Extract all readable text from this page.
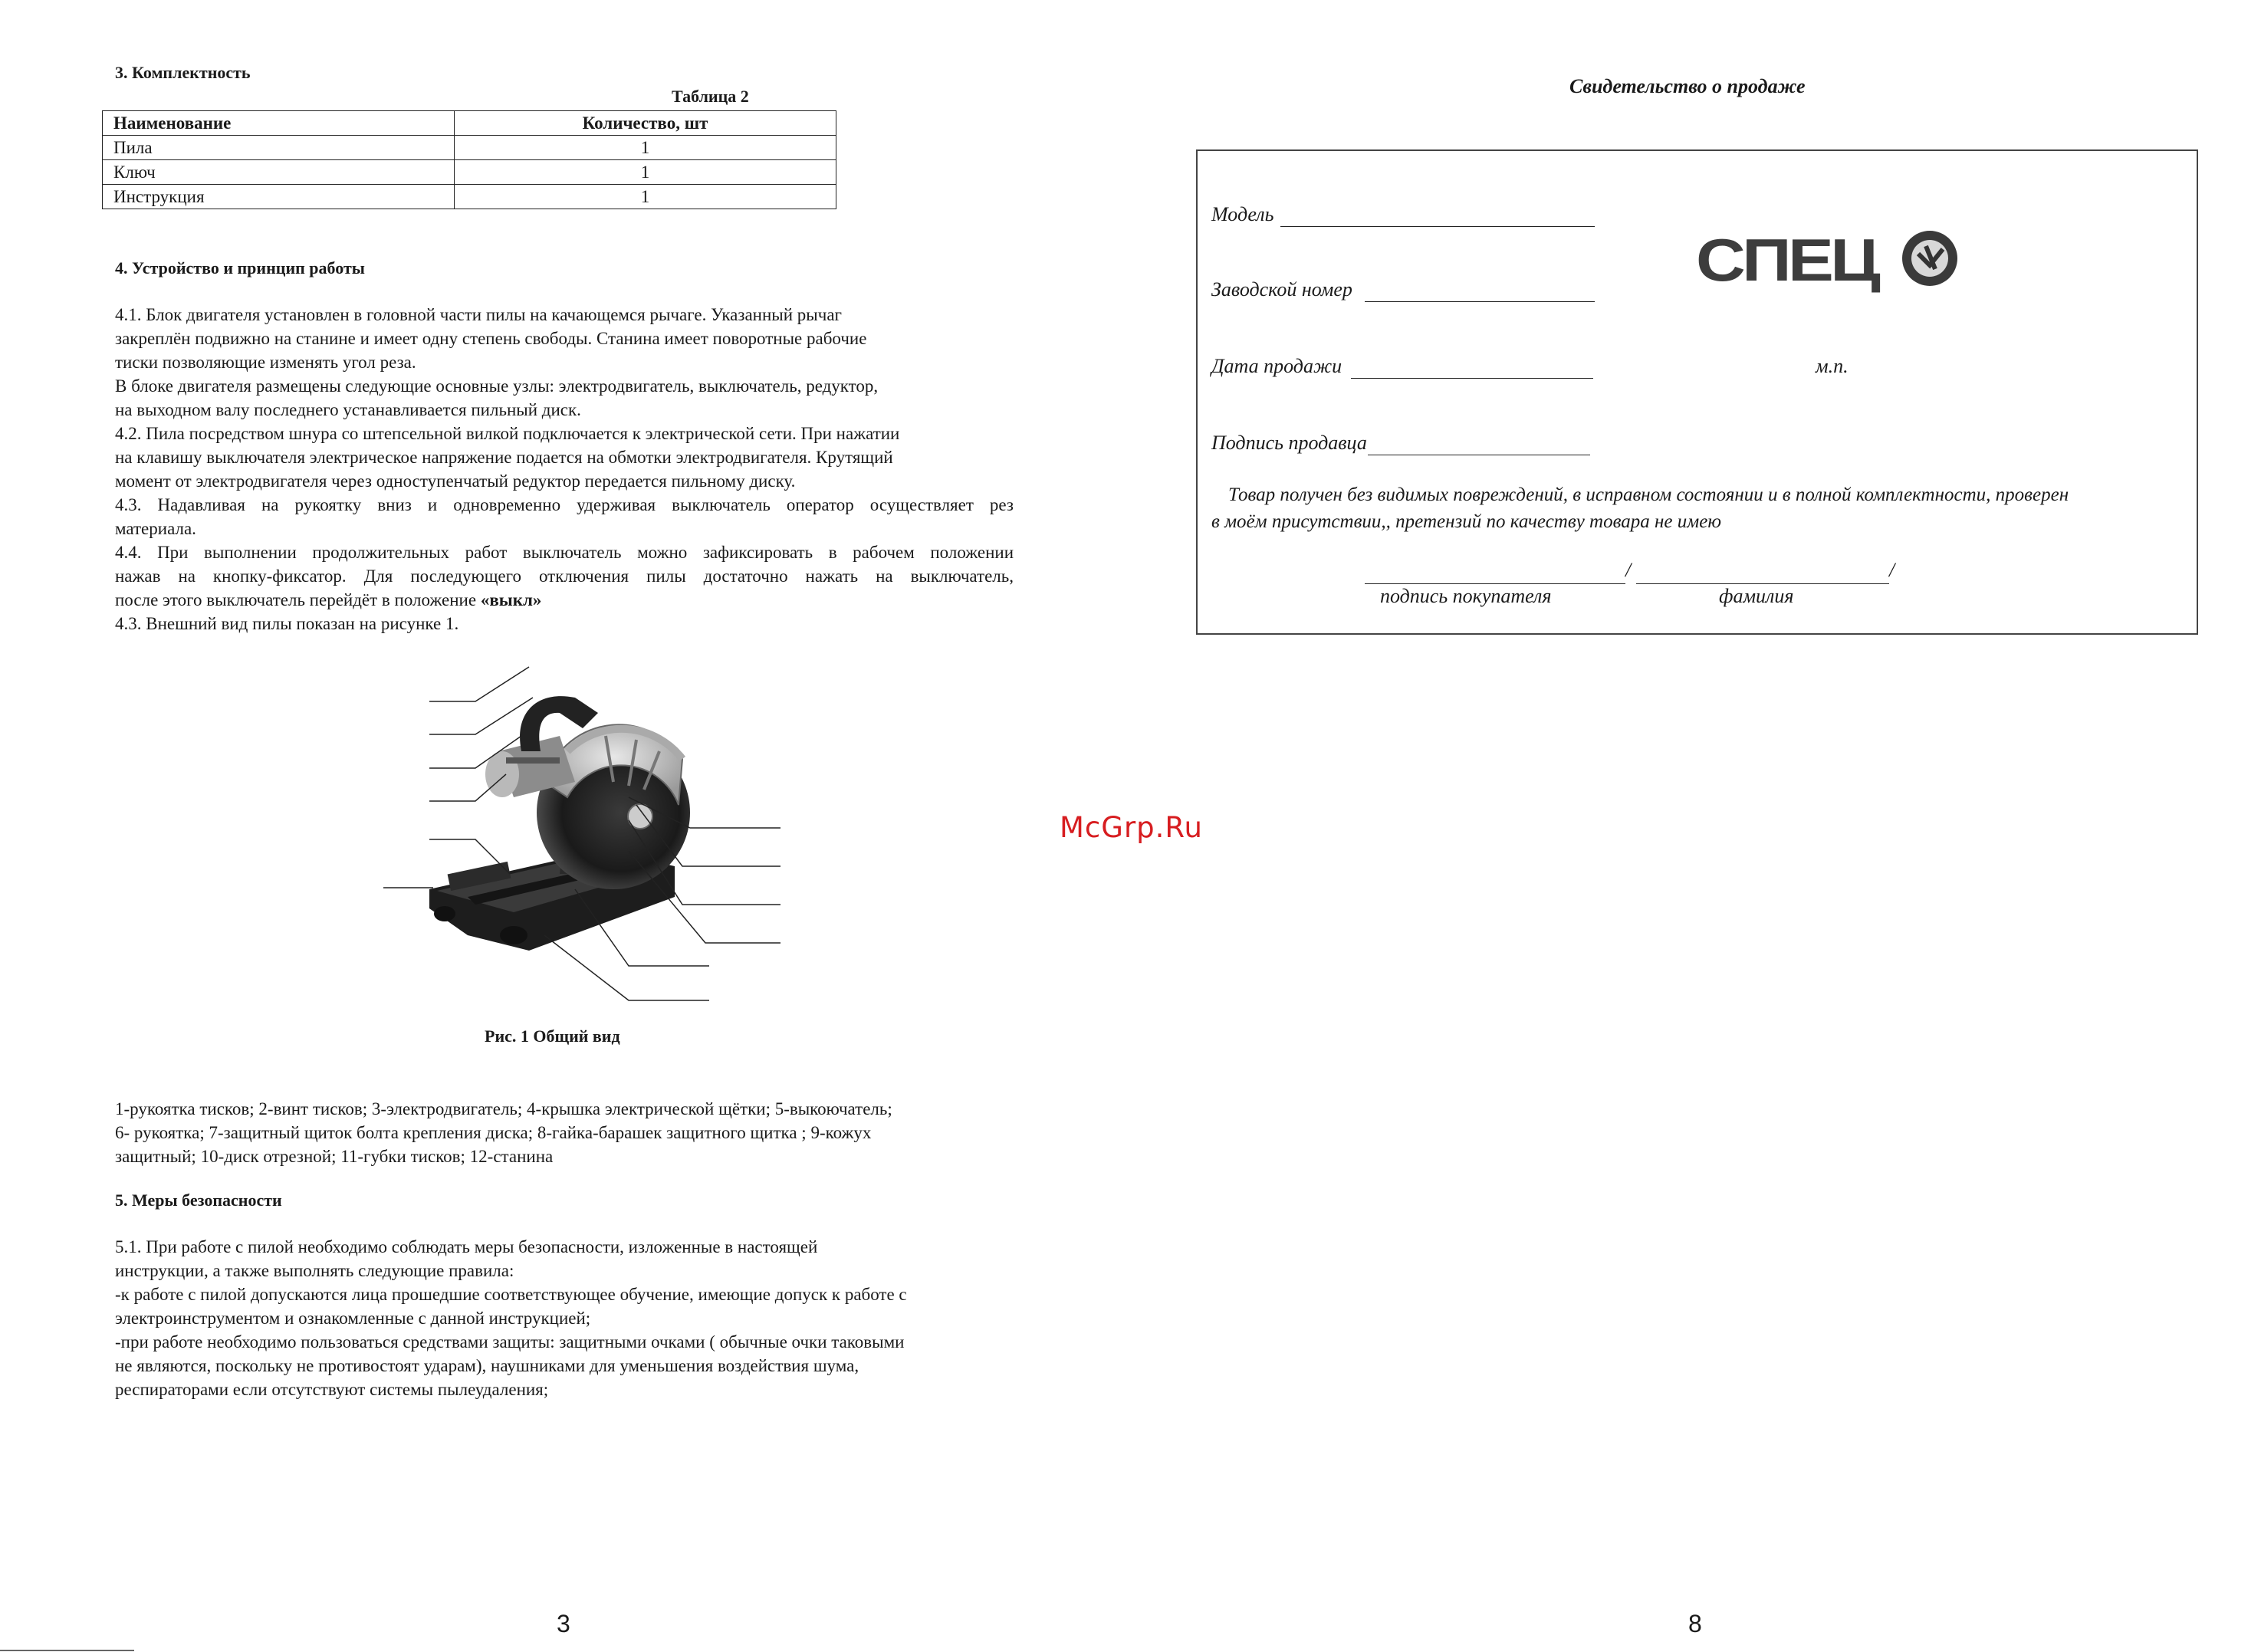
3. Комплектность
Таблица 2
Наименование	Количество, шт
Пила	1
Ключ	1
Инструкция	1
4. Устройство и принцип работы
4.1. Блок двигателя установлен в головной части пилы на качающемся рычаге. Указанный рычаг
закреплён подвижно на станине и имеет одну степень свободы. Станина имеет поворотные рабочие
тиски позволяющие изменять угол реза.
В блоке двигателя размещены следующие основные узлы: электродвигатель, выключатель, редуктор,
на выходном валу последнего устанавливается пильный диск.
4.2. Пила посредством шнура со штепсельной вилкой подключается к электрической сети. При нажатии
на клавишу выключателя электрическое напряжение подается на обмотки электродвигателя. Крутящий
момент от электродвигателя через одноступенчатый редуктор передается пильному диску.
4.3. Надавливая на рукоятку вниз и одновременно удерживая выключатель оператор осуществляет рез
материала.
4.4. При выполнении продолжительных работ выключатель можно зафиксировать в рабочем положении
нажав на кнопку-фиксатор. Для последующего отключения пилы достаточно нажать на выключатель,
после этого выключатель перейдёт в положение «выкл»
4.3. Внешний вид пилы показан на рисунке 1.
Рис. 1 Общий вид
1-рукоятка тисков; 2-винт тисков; 3-электродвигатель; 4-крышка электрической щётки; 5-выкоючатель;
6- рукоятка; 7-защитный щиток болта крепления диска; 8-гайка-барашек защитного щитка ; 9-кожух
защитный; 10-диск отрезной; 11-губки тисков; 12-станина
5. Меры безопасности
5.1. При работе с пилой необходимо соблюдать меры безопасности, изложенные в настоящей
инструкции, а также выполнять следующие правила:
-к работе с пилой допускаются лица прошедшие соответствующее обучение, имеющие допуск к работе с
электроинструментом и ознакомленные с данной инструкцией;
-при работе необходимо пользоваться средствами защиты: защитными очками ( обычные очки таковыми
не являются, поскольку не противостоят ударам), наушниками для уменьшения воздействия шума,
респираторами если отсутствуют системы пылеудаления;
3
Свидетельство о продаже
Модель
Заводской номер
Дата продажи	м.п.
Подпись продавца
СПЕЦ
Товар получен без видимых повреждений, в исправном состоянии и в полной комплектности, проверен
в моём присутствии,, претензий по качеству товара не имею
/	/
подпись покупателя	фамилия
8
McGrp.Ru
